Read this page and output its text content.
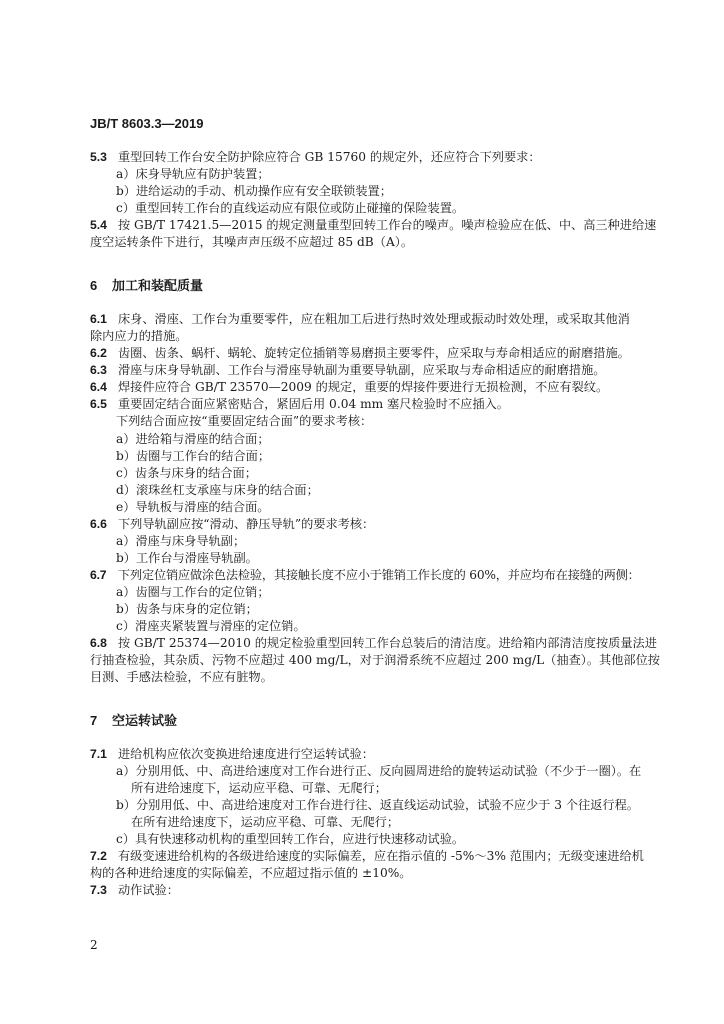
JB/T 8603.3—2019
5.3 重型回转工作台安全防护除应符合 GB 15760 的规定外，还应符合下列要求：
a）床身导轨应有防护装置；
b）进给运动的手动、机动操作应有安全联锁装置；
c）重型回转工作台的直线运动应有限位或防止碰撞的保险装置。
5.4 按 GB/T 17421.5—2015 的规定测量重型回转工作台的噪声。噪声检验应在低、中、高三种进给速
度空运转条件下进行，其噪声声压级不应超过 85 dB（A）。
6 加工和装配质量
6.1 床身、滑座、工作台为重要零件，应在粗加工后进行热时效处理或振动时效处理，或采取其他消
除内应力的措施。
6.2 齿圈、齿条、蜗杆、蜗轮、旋转定位插销等易磨损主要零件，应采取与寿命相适应的耐磨措施。
6.3 滑座与床身导轨副、工作台与滑座导轨副为重要导轨副，应采取与寿命相适应的耐磨措施。
6.4 焊接件应符合 GB/T 23570—2009 的规定，重要的焊接件要进行无损检测，不应有裂纹。
6.5 重要固定结合面应紧密贴合，紧固后用 0.04 mm 塞尺检验时不应插入。
下列结合面应按“重要固定结合面”的要求考核：
a）进给箱与滑座的结合面；
b）齿圈与工作台的结合面；
c）齿条与床身的结合面；
d）滚珠丝杠支承座与床身的结合面；
e）导轨板与滑座的结合面。
6.6 下列导轨副应按“滑动、静压导轨”的要求考核：
a）滑座与床身导轨副；
b）工作台与滑座导轨副。
6.7 下列定位销应做涂色法检验，其接触长度不应小于锥销工作长度的 60%，并应均布在接缝的两侧：
a）齿圈与工作台的定位销；
b）齿条与床身的定位销；
c）滑座夹紧装置与滑座的定位销。
6.8 按 GB/T 25374—2010 的规定检验重型回转工作台总装后的清洁度。进给箱内部清洁度按质量法进
行抽查检验，其杂质、污物不应超过 400 mg/L，对于润滑系统不应超过 200 mg/L（抽查）。其他部位按
目测、手感法检验，不应有脏物。
7 空运转试验
7.1 进给机构应依次变换进给速度进行空运转试验：
a）分别用低、中、高进给速度对工作台进行正、反向圆周进给的旋转运动试验（不少于一圈）。在
所有进给速度下，运动应平稳、可靠、无爬行；
b）分别用低、中、高进给速度对工作台进行往、返直线运动试验，试验不应少于 3 个往返行程。
在所有进给速度下，运动应平稳、可靠、无爬行；
c）具有快速移动机构的重型回转工作台，应进行快速移动试验。
7.2 有级变速进给机构的各级进给速度的实际偏差，应在指示值的 -5%～3% 范围内；无级变速进给机
构的各种进给速度的实际偏差，不应超过指示值的 ±10%。
7.3 动作试验：
2
